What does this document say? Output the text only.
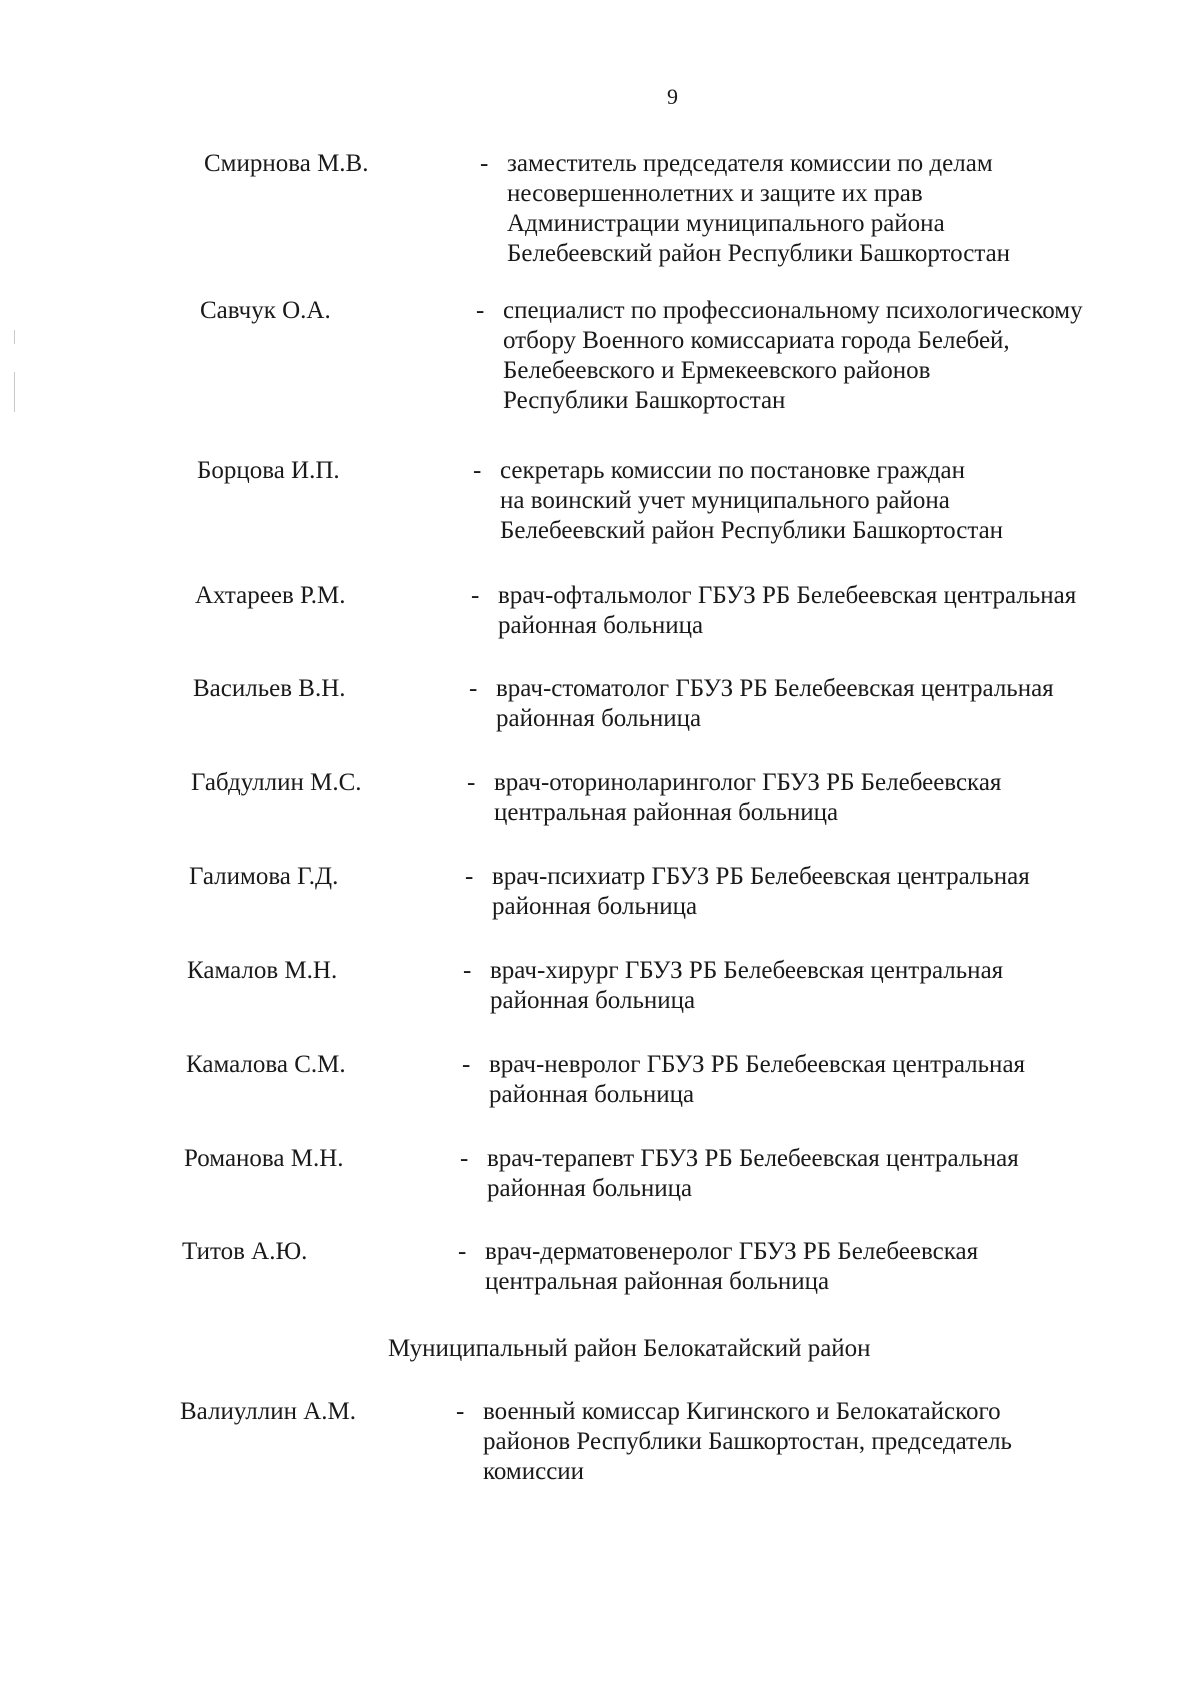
9
Смирнова М.В.	- заместитель председателя комиссии по делам
несовершеннолетних и защите их прав
Администрации муниципального района
Белебеевский район Республики Башкортостан
Савчук О.А.	- специалист по профессиональному психологическому
отбору Военного комиссариата города Белебей,
Белебеевского и Ермекеевского районов
Республики Башкортостан
Борцова И.П.	- секретарь комиссии по постановке граждан
на воинский учет муниципального района
Белебеевский район Республики Башкортостан
Ахтареев Р.М.	- врач-офтальмолог ГБУЗ РБ Белебеевская центральная
районная больница
Васильев В.Н.	- врач-стоматолог ГБУЗ РБ Белебеевская центральная
районная больница
Габдуллин М.С.	- врач-оториноларинголог ГБУЗ РБ Белебеевская
центральная районная больница
Галимова Г.Д.	- врач-психиатр ГБУЗ РБ Белебеевская центральная
районная больница
Камалов М.Н.	- врач-хирург ГБУЗ РБ Белебеевская центральная
районная больница
Камалова С.М.	- врач-невролог ГБУЗ РБ Белебеевская центральная
районная больница
Романова М.Н.	- врач-терапевт ГБУЗ РБ Белебеевская центральная
районная больница
Титов А.Ю.	- врач-дерматовенеролог ГБУЗ РБ Белебеевская
центральная районная больница
Муниципальный район Белокатайский район
Валиуллин А.М.	- военный комиссар Кигинского и Белокатайского
районов Республики Башкортостан, председатель
комиссии
